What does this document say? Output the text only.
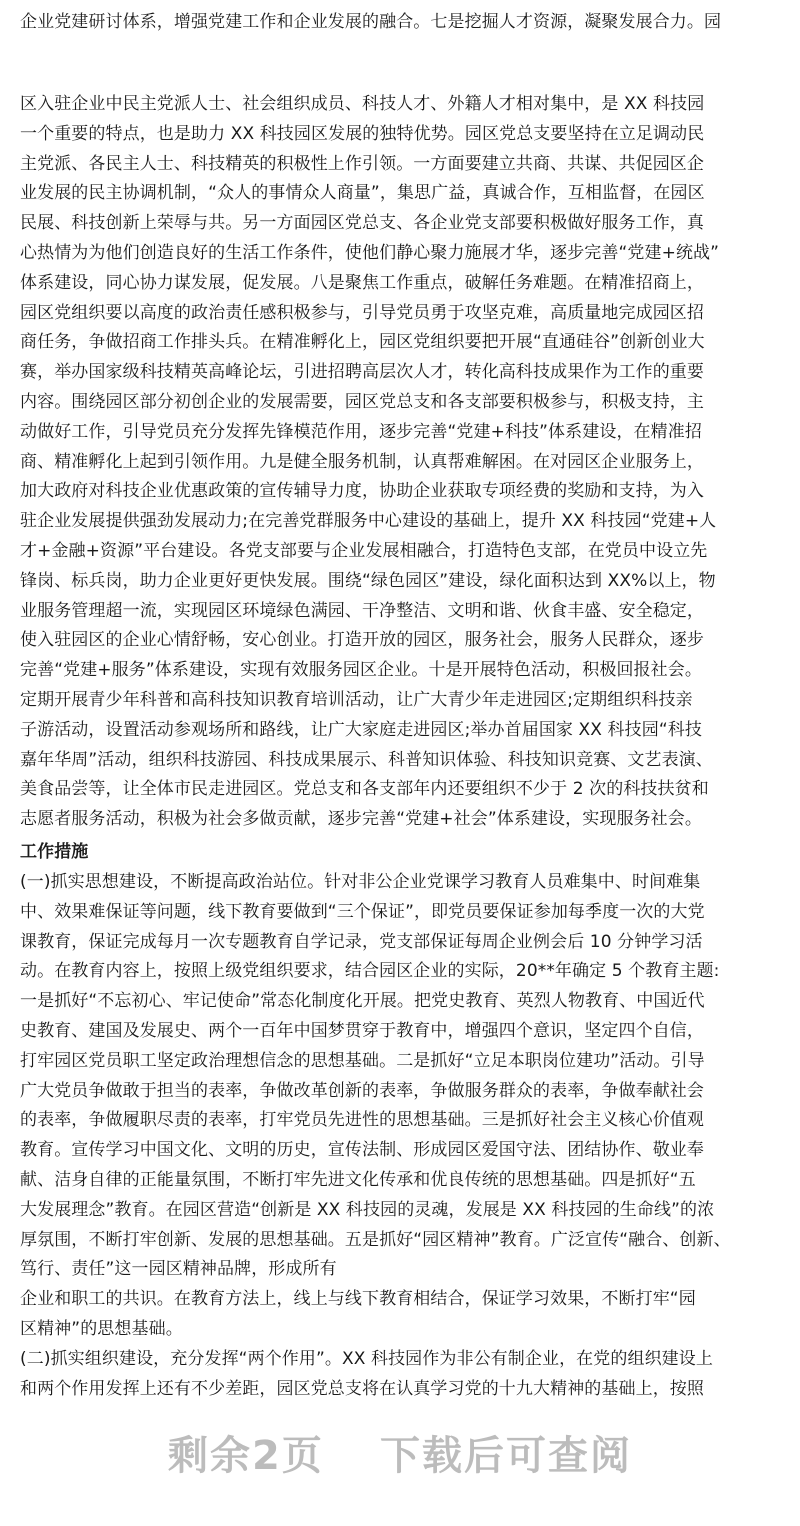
企业党建研讨体系，增强党建工作和企业发展的融合。七是挖掘人才资源，凝聚发展合力。园
区入驻企业中民主党派人士、社会组织成员、科技人才、外籍人才相对集中，是 XX 科技园
一个重要的特点，也是助力 XX 科技园区发展的独特优势。园区党总支要坚持在立足调动民
主党派、各民主人士、科技精英的积极性上作引领。一方面要建立共商、共谋、共促园区企
业发展的民主协调机制，“众人的事情众人商量”，集思广益，真诚合作，互相监督，在园区
民展、科技创新上荣辱与共。另一方面园区党总支、各企业党支部要积极做好服务工作，真
心热情为为他们创造良好的生活工作条件，使他们静心聚力施展才华，逐步完善“党建+统战”
体系建设，同心协力谋发展，促发展。八是聚焦工作重点，破解任务难题。在精准招商上，
园区党组织要以高度的政治责任感积极参与，引导党员勇于攻坚克难，高质量地完成园区招
商任务，争做招商工作排头兵。在精准孵化上，园区党组织要把开展“直通硅谷”创新创业大
赛，举办国家级科技精英高峰论坛，引进招聘高层次人才，转化高科技成果作为工作的重要
内容。围绕园区部分初创企业的发展需要，园区党总支和各支部要积极参与，积极支持，主
动做好工作，引导党员充分发挥先锋模范作用，逐步完善“党建+科技”体系建设，在精准招
商、精准孵化上起到引领作用。九是健全服务机制，认真帮难解困。在对园区企业服务上，
加大政府对科技企业优惠政策的宣传辅导力度，协助企业获取专项经费的奖励和支持，为入
驻企业发展提供强劲发展动力;在完善党群服务中心建设的基础上，提升 XX 科技园“党建+人
才+金融+资源”平台建设。各党支部要与企业发展相融合，打造特色支部，在党员中设立先
锋岗、标兵岗，助力企业更好更快发展。围绕“绿色园区”建设，绿化面积达到 XX%以上，物
业服务管理超一流，实现园区环境绿色满园、干净整洁、文明和谐、伙食丰盛、安全稳定，
使入驻园区的企业心情舒畅，安心创业。打造开放的园区，服务社会，服务人民群众，逐步
完善“党建+服务”体系建设，实现有效服务园区企业。十是开展特色活动，积极回报社会。
定期开展青少年科普和高科技知识教育培训活动，让广大青少年走进园区;定期组织科技亲
子游活动，设置活动参观场所和路线，让广大家庭走进园区;举办首届国家 XX 科技园“科技
嘉年华周”活动，组织科技游园、科技成果展示、科普知识体验、科技知识竞赛、文艺表演、
美食品尝等，让全体市民走进园区。党总支和各支部年内还要组织不少于 2 次的科技扶贫和
志愿者服务活动，积极为社会多做贡献，逐步完善“党建+社会”体系建设，实现服务社会。
工作措施
(一)抓实思想建设，不断提高政治站位。针对非公企业党课学习教育人员难集中、时间难集
中、效果难保证等问题，线下教育要做到“三个保证”，即党员要保证参加每季度一次的大党
课教育，保证完成每月一次专题教育自学记录，党支部保证每周企业例会后 10 分钟学习活
动。在教育内容上，按照上级党组织要求，结合园区企业的实际，20**年确定 5 个教育主题:
一是抓好“不忘初心、牢记使命”常态化制度化开展。把党史教育、英烈人物教育、中国近代
史教育、建国及发展史、两个一百年中国梦贯穿于教育中，增强四个意识，坚定四个自信，
打牢园区党员职工坚定政治理想信念的思想基础。二是抓好“立足本职岗位建功”活动。引导
广大党员争做敢于担当的表率，争做改革创新的表率，争做服务群众的表率，争做奉献社会
的表率，争做履职尽责的表率，打牢党员先进性的思想基础。三是抓好社会主义核心价值观
教育。宣传学习中国文化、文明的历史，宣传法制、形成园区爱国守法、团结协作、敬业奉
献、洁身自律的正能量氛围，不断打牢先进文化传承和优良传统的思想基础。四是抓好“五
大发展理念”教育。在园区营造“创新是 XX 科技园的灵魂，发展是 XX 科技园的生命线”的浓
厚氛围，不断打牢创新、发展的思想基础。五是抓好“园区精神”教育。广泛宣传“融合、创新、
笃行、责任”这一园区精神品牌，形成所有
企业和职工的共识。在教育方法上，线上与线下教育相结合，保证学习效果，不断打牢“园
区精神”的思想基础。
(二)抓实组织建设，充分发挥“两个作用”。XX 科技园作为非公有制企业，在党的组织建设上
和两个作用发挥上还有不少差距，园区党总支将在认真学习党的十九大精神的基础上，按照
剩余2页 下载后可查阅
